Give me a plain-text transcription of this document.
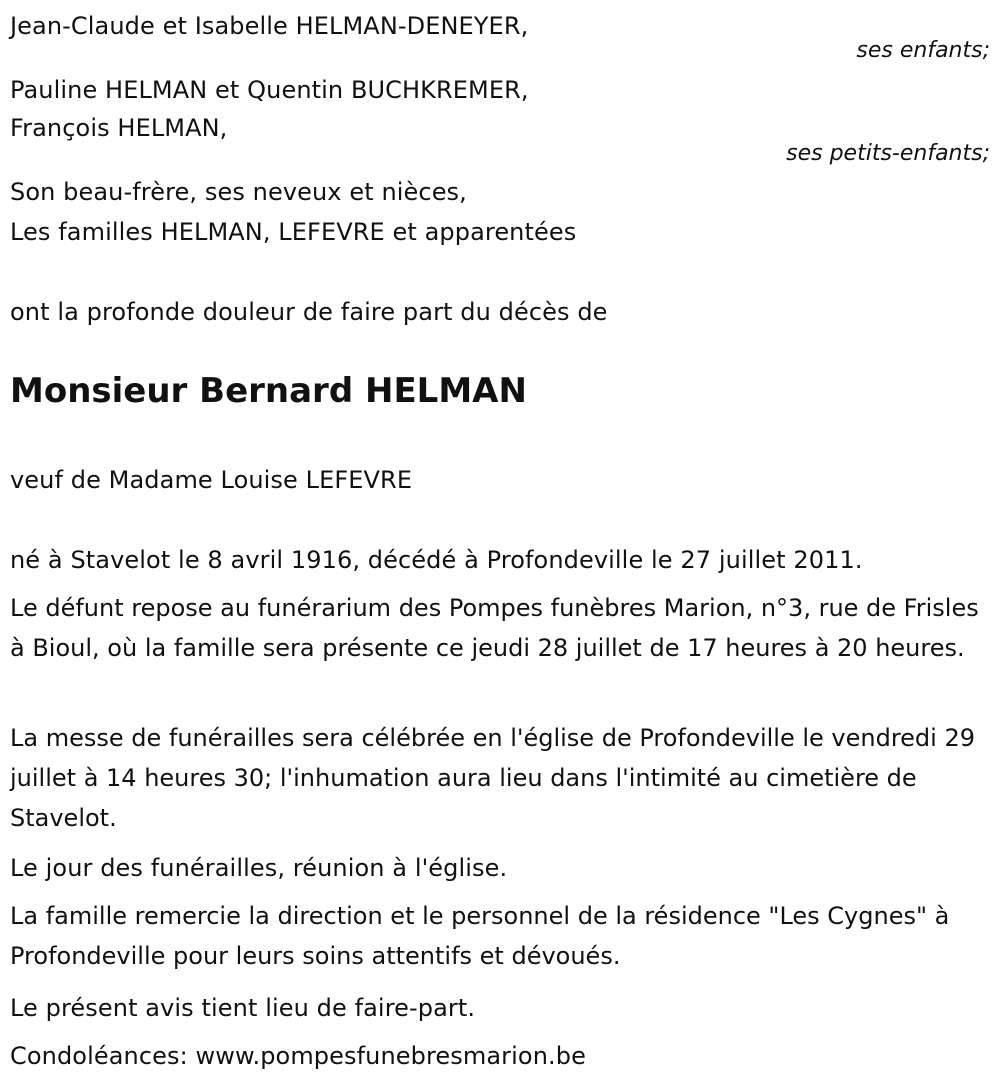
Jean-Claude et Isabelle HELMAN-DENEYER,
ses enfants;
Pauline HELMAN et Quentin BUCHKREMER,
François HELMAN,
ses petits-enfants;
Son beau-frère, ses neveux et nièces,
Les familles HELMAN, LEFEVRE et apparentées
ont la profonde douleur de faire part du décès de
Monsieur Bernard HELMAN
veuf de Madame Louise LEFEVRE
né à Stavelot le 8 avril 1916, décédé à Profondeville le 27 juillet 2011.
Le défunt repose au funérarium des Pompes funèbres Marion, n°3, rue de Frisles à Bioul, où la famille sera présente ce jeudi 28 juillet de 17 heures à 20 heures.
La messe de funérailles sera célébrée en l'église de Profondeville le vendredi 29 juillet à 14 heures 30; l'inhumation aura lieu dans l'intimité au cimetière de Stavelot.
Le jour des funérailles, réunion à l'église.
La famille remercie la direction et le personnel de la résidence "Les Cygnes" à Profondeville pour leurs soins attentifs et dévoués.
Le présent avis tient lieu de faire-part.
Condoléances: www.pompesfunebresmarion.be
